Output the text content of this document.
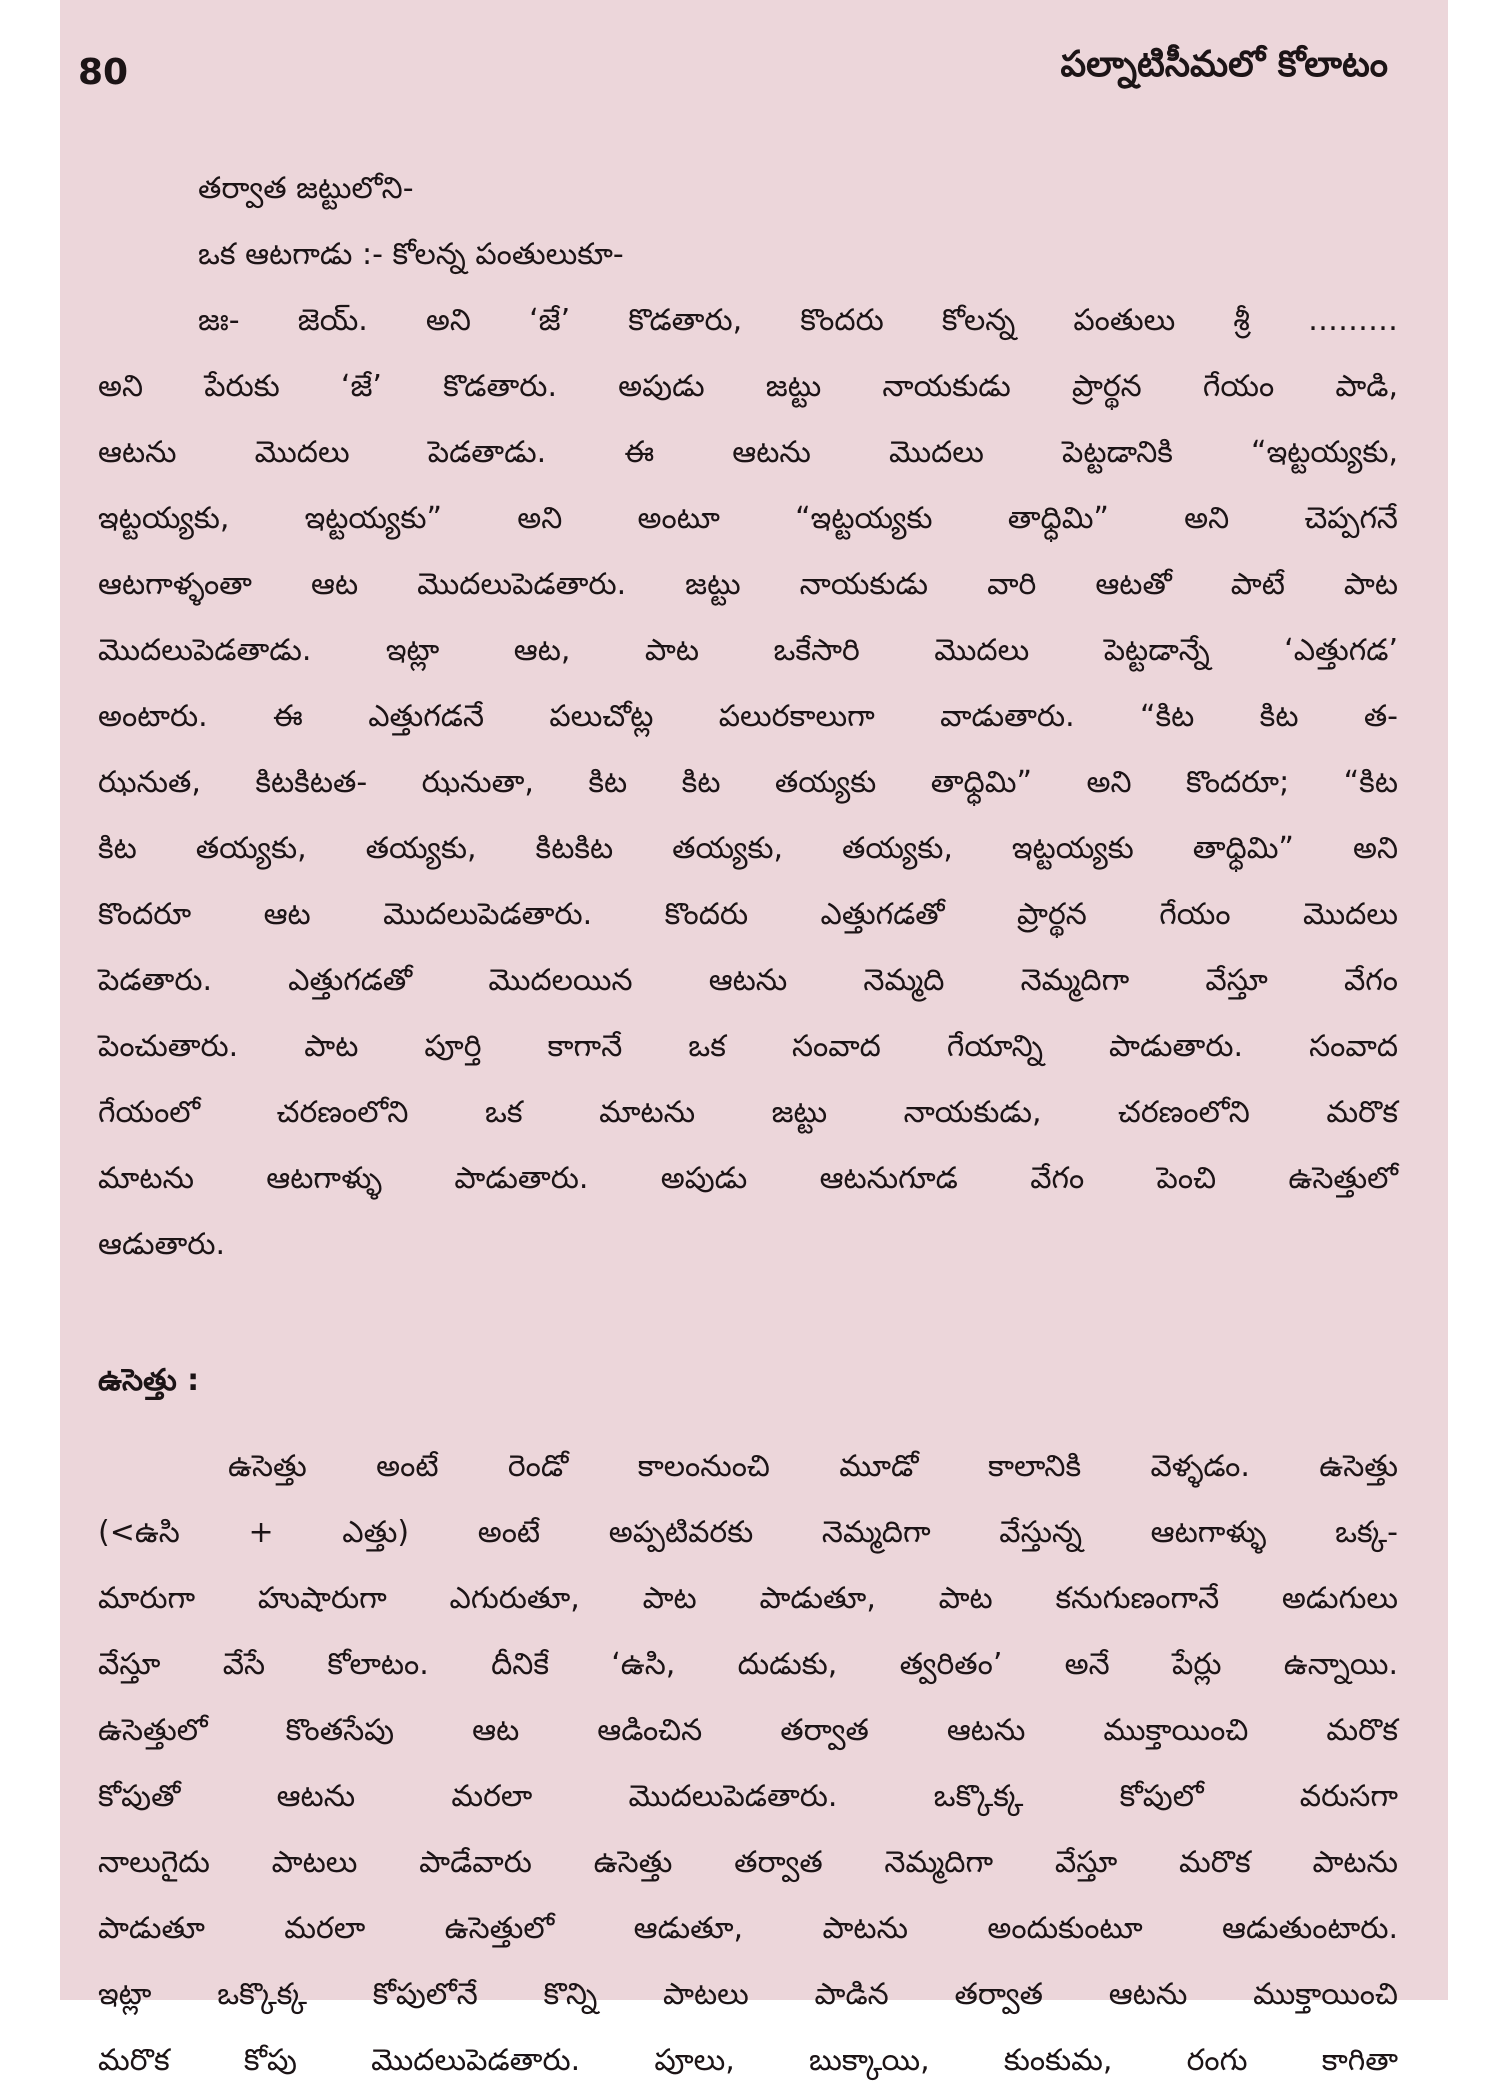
80	పల్నాటిసీమలో కోలాటం
తర్వాత జట్టులోని-
ఒక ఆటగాడు :- కోలన్న పంతులుకూ-
జః- జెయ్. అని ‘జే’ కొడతారు, కొందరు కోలన్న పంతులు శ్రీ ………
అని పేరుకు ‘జే’ కొడతారు. అపుడు జట్టు నాయకుడు ప్రార్థన గేయం పాడి,
ఆటను మొదలు పెడతాడు. ఈ ఆటను మొదలు పెట్టడానికి “ఇట్టయ్యకు,
ఇట్టయ్యకు, ఇట్టయ్యకు” అని అంటూ “ఇట్టయ్యకు తాధ్ధిమి” అని చెప్పగనే
ఆటగాళ్ళంతా ఆట మొదలుపెడతారు. జట్టు నాయకుడు వారి ఆటతో పాటే పాట
మొదలుపెడతాడు. ఇట్లా ఆట, పాట ఒకేసారి మొదలు పెట్టడాన్నే ‘ఎత్తుగడ’
అంటారు. ఈ ఎత్తుగడనే పలుచోట్ల పలురకాలుగా వాడుతారు. “కిట కిట త-
ఝనుత, కిటకిటత- ఝనుతా, కిట కిట తయ్యకు తాధ్ధిమి” అని కొందరూ; “కిట
కిట తయ్యకు, తయ్యకు, కిటకిట తయ్యకు, తయ్యకు, ఇట్టయ్యకు తాధ్ధిమి” అని
కొందరూ ఆట మొదలుపెడతారు. కొందరు ఎత్తుగడతో ప్రార్థన గేయం మొదలు
పెడతారు. ఎత్తుగడతో మొదలయిన ఆటను నెమ్మది నెమ్మదిగా వేస్తూ వేగం
పెంచుతారు. పాట పూర్తి కాగానే ఒక సంవాద గేయాన్ని పాడుతారు. సంవాద
గేయంలో చరణంలోని ఒక మాటను జట్టు నాయకుడు, చరణంలోని మరొక
మాటను ఆటగాళ్ళు పాడుతారు. అపుడు ఆటనుగూడ వేగం పెంచి ఉసెత్తులో
ఆడుతారు.
ఉసెత్తు :
ఉసెత్తు అంటే రెండో కాలంనుంచి మూడో కాలానికి వెళ్ళడం. ఉసెత్తు
(<ఉసి + ఎత్తు) అంటే అప్పటివరకు నెమ్మదిగా వేస్తున్న ఆటగాళ్ళు ఒక్క-
మారుగా హుషారుగా ఎగురుతూ, పాట పాడుతూ, పాట కనుగుణంగానే అడుగులు
వేస్తూ వేసే కోలాటం. దీనికే ‘ఉసి, దుడుకు, త్వరితం’ అనే పేర్లు ఉన్నాయి.
ఉసెత్తులో కొంతసేపు ఆట ఆడించిన తర్వాత ఆటను ముక్తాయించి మరొక
కోపుతో ఆటను మరలా మొదలుపెడతారు. ఒక్కొక్క కోపులో వరుసగా
నాలుగైదు పాటలు పాడేవారు ఉసెత్తు తర్వాత నెమ్మదిగా వేస్తూ మరొక పాటను
పాడుతూ మరలా ఉసెత్తులో ఆడుతూ, పాటను అందుకుంటూ ఆడుతుంటారు.
ఇట్లా ఒక్కొక్క కోపులోనే కొన్ని పాటలు పాడిన తర్వాత ఆటను ముక్తాయించి
మరొక కోపు మొదలుపెడతారు. పూలు, బుక్కాయి, కుంకుమ, రంగు కాగితా
